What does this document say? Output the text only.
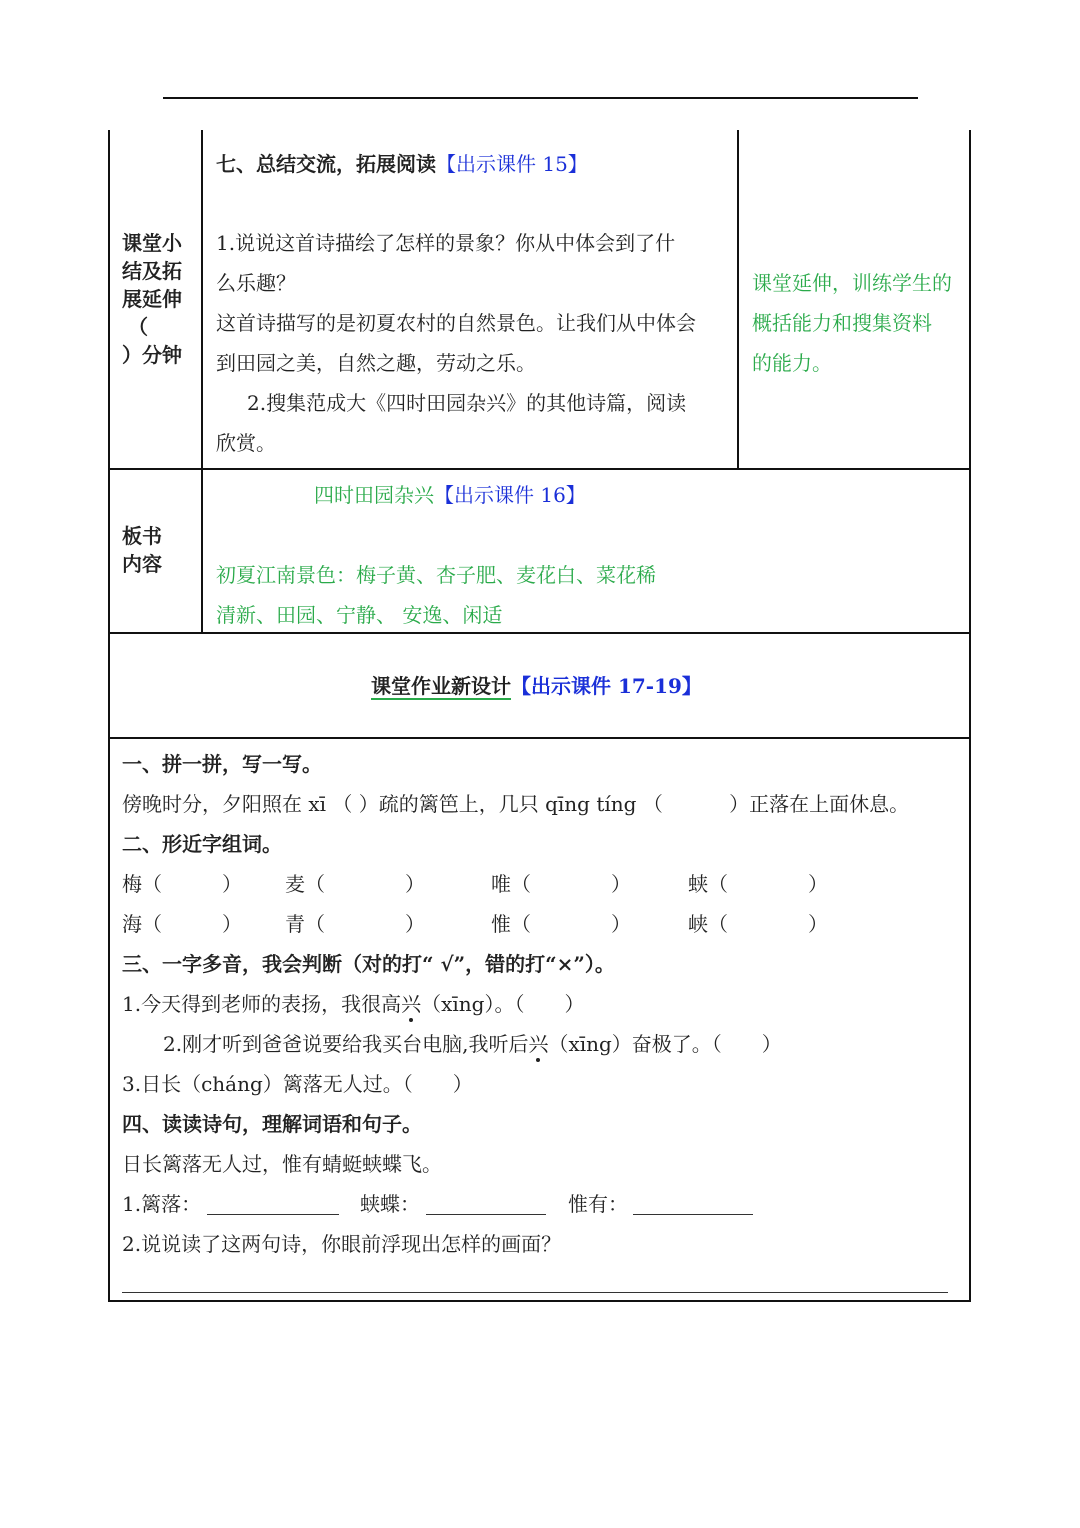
课堂小
结及拓
展延伸
（
）分钟
七、总结交流，拓展阅读【出示课件 15】
1.说说这首诗描绘了怎样的景象？你从中体会到了什
么乐趣？
这首诗描写的是初夏农村的自然景色。让我们从中体会
到田园之美，自然之趣，劳动之乐。
2.搜集范成大《四时田园杂兴》的其他诗篇，阅读
欣赏。
课堂延伸，训练学生的
概括能力和搜集资料
的能力。
板书
内容
四时田园杂兴【出示课件 16】
初夏江南景色：梅子黄、杏子肥、麦花白、菜花稀
清新、田园、宁静、 安逸、闲适
课堂作业新设计【出示课件 17-19】
一、拼一拼，写一写。
傍晚时分，夕阳照在 xī （ ）疏的篱笆上，几只 qīng tíng （　　　 ）正落在上面休息。
二、形近字组词。
梅（　　　） 麦（　　　　）	唯（　　　　）	蛱（　　　　）
海（　　　） 青（　　　　）	惟（　　　　）	峡（　　　　）
三、一字多音，我会判断（对的打“ √”，错的打“×”）。
1.今天得到老师的表扬，我很高兴（xīng）。（　　）
2.刚才听到爸爸说要给我买台电脑,我听后兴（xīng）奋极了。（　　）
3.日长（cháng）篱落无人过。（　　）
四、读读诗句，理解词语和句子。
日长篱落无人过，惟有蜻蜓蛱蝶飞。
1.篱落：	蛱蝶：	惟有：
2.说说读了这两句诗，你眼前浮现出怎样的画面？
